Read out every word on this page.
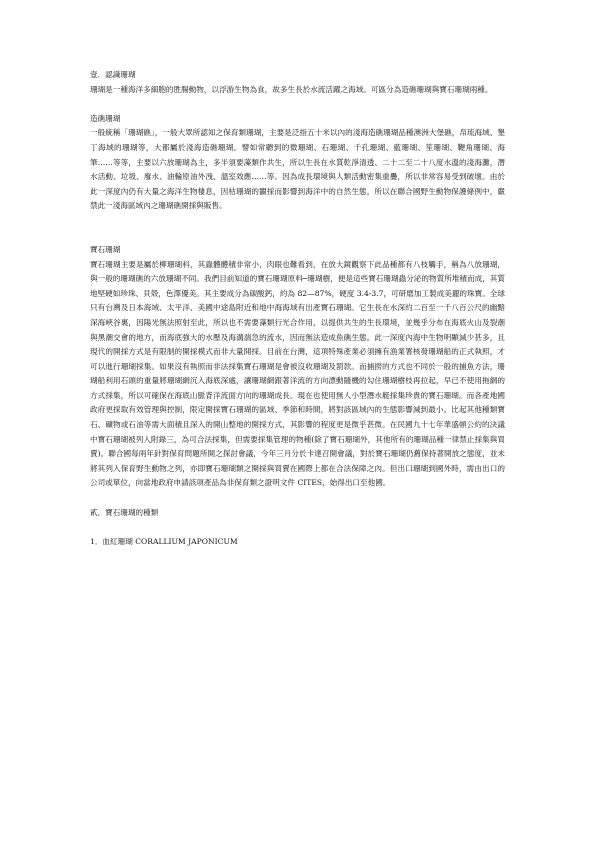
壹．認識珊瑚

珊瑚是一種海洋多細胞的胜腸動物，以浮游生物為食，故多生長於水流活躍之海域。可區分為造礁珊瑚與寶石珊瑚兩種。

造礁珊瑚

一般統稱「珊瑚礁」，一般大眾所認知之保育類珊瑚，主要是泛指五十米以內的淺海造礁珊瑚品種澳洲大堡礁，帛琉海域、墾丁海域的珊瑚等，大都屬於淺海造礁珊瑚。譬如常聽到的微珊瑚、石珊瑚、千孔珊瑚、藍珊瑚、笙珊瑚、鞭角珊瑚、海筆……等等，主要以六放珊瑚為主，多半須要藻類作共生，所以生長在水質乾淨清透、二十二至二十八度水溫的淺海灘，潛水活動、垃圾、廢水、油輪原油外洩、溫室效應……等。因為成長環境與人類活動密集重疊，所以非常容易受到破壞。由於此一深度內仍有大量之海洋生物棲息，因枯珊瑚的闢採而影響到海洋中的自然生態，所以在聯合國野生動物保護條例中，嚴禁此一淺海區域內之珊瑚礁開採與販售。

寶石珊瑚

寶石珊瑚主要是屬於柳珊瑚科，其蟲體體積非常小，肉眼也難看到，在放大鏡觀察下此品種都有八枝觸手，稱為八放珊瑚，與一般的珊瑚礁的六放珊瑚不同。我們目前知道的寶石珊瑚原料─珊瑚樹，便是這些寶石珊瑚蟲分泌的物質所堆積而成，其質地堅硬如珍珠、貝殼，色澤優美。其主要成分為碳酸鈣，約為 82—87%，硬度 3.4-3.7，可研磨加工製成美麗的珠寶。全球只有台灣及日本海域、太平洋、美國中途島附近和地中海海域有出產寶石珊瑚。它生長在水深約二百至一千八百公尺的幽黯深海峽谷裏，因陽光無法照射至此，所以也不需要藻類行光合作用，以提供共生的生長環境，並幾乎分布在海底火山及裂潮與黑潮交會的地方，而海底強大的水壓及海溝湍急的流水，因而無法造成魚礁生態。此一深度內海中生物明顯減少甚多，且現代的開採方式是有限制的開採模式而非大量開採。目前在台灣，這項特殊產業必須擁有漁業署核發珊瑚船的正式執照，才可以進行珊瑚採集。如果沒有執照而非法採集寶石珊瑚是會被沒收珊瑚及罰款。而捕撈的方式也不同於一般的捕魚方法，珊瑚船利用石頭的重量將珊瑚網沉入海底深處，讓珊瑚網跟著洋流的方向漂動隨機的勾住珊瑚樹枝再拉起，早已不使用拖網的方式採集，所以可確保在海底山脈背洋流面方向的珊瑚成長。現在也使用無人小型潛水艇採集珍貴的寶石珊瑚。而各產地國政府更採取有效管理與控制，限定開採寶石珊瑚的區域、季節和時間，將對該區域內的生態影響減到最小。比起其他種類寶石、礦物或石油等需大面積且深入的開山整地的開採方式，其影響的程度更是微乎甚微。在民國九十七年華盛頓公約的決議中寶石珊瑚被列入附錄三，為可合法採集，但需要採集管理的物種(除了寶石珊瑚外，其他所有的珊瑚品種一律禁止採集與買賣)。聯合國每兩年針對保育問題所開之探討會議，今年三月分於卡達召開會議，對於寶石珊瑚仍舊保持著開放之態度，並未將其列入保育野生動物之列，亦即寶石珊瑚類之開採與買賣在國際上都在合法保障之內。但出口珊瑚到國外時，需由出口的公司或單位，向當地政府申請該項產品為非保育類之證明文件 CITES，始得出口至他國。

貳．寶石珊瑚的種類

1．血紅珊瑚 CORALLIUM JAPONICUM
